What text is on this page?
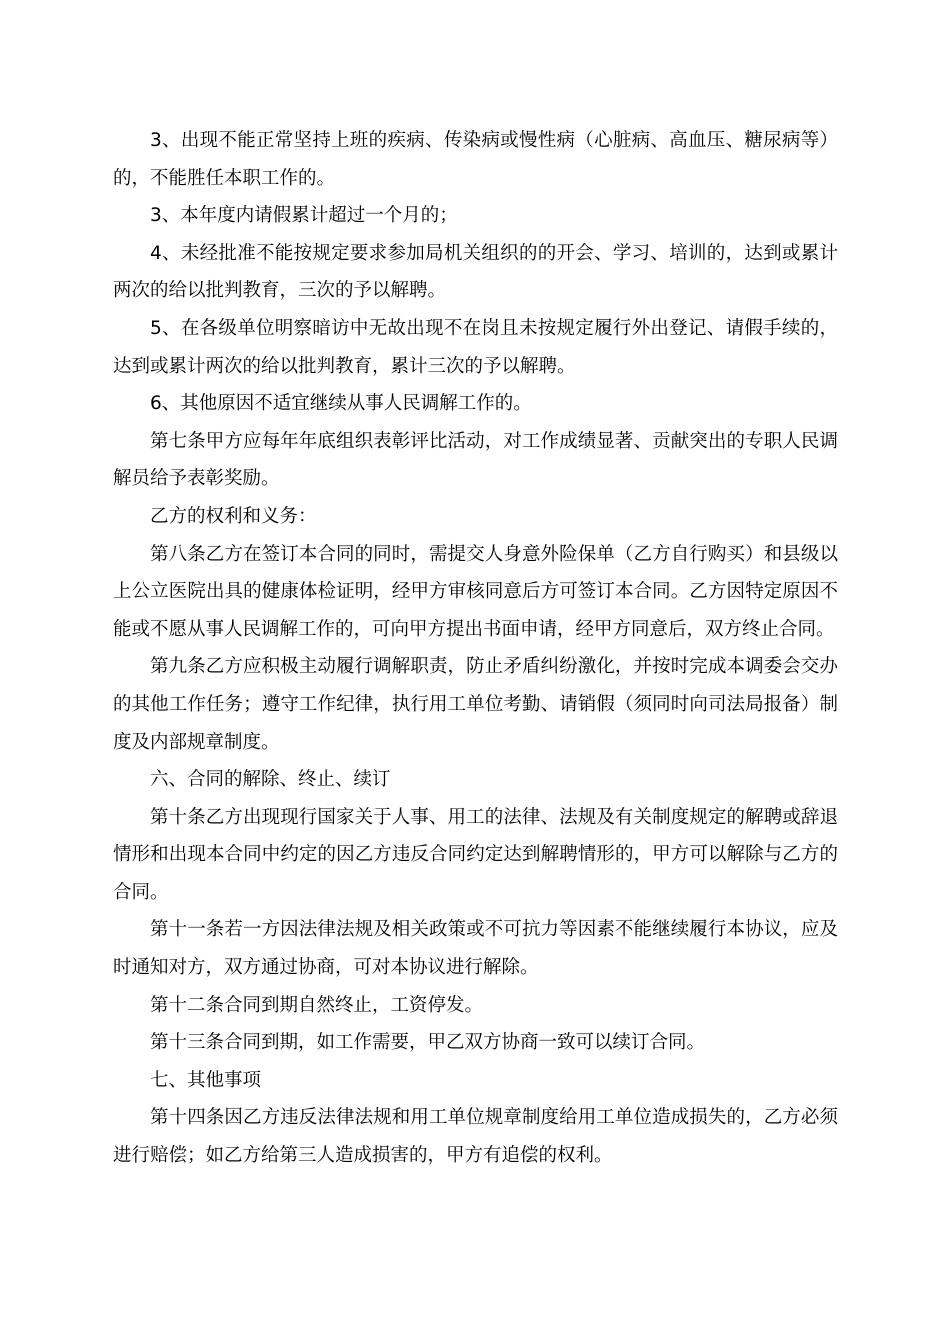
3、出现不能正常坚持上班的疾病、传染病或慢性病（心脏病、高血压、糖尿病等）的，不能胜任本职工作的。

3、本年度内请假累计超过一个月的；

4、未经批准不能按规定要求参加局机关组织的的开会、学习、培训的，达到或累计两次的给以批判教育，三次的予以解聘。

5、在各级单位明察暗访中无故出现不在岗且未按规定履行外出登记、请假手续的，达到或累计两次的给以批判教育，累计三次的予以解聘。

6、其他原因不适宜继续从事人民调解工作的。

第七条甲方应每年年底组织表彰评比活动，对工作成绩显著、贡献突出的专职人民调解员给予表彰奖励。

乙方的权利和义务：

第八条乙方在签订本合同的同时，需提交人身意外险保单（乙方自行购买）和县级以上公立医院出具的健康体检证明，经甲方审核同意后方可签订本合同。乙方因特定原因不能或不愿从事人民调解工作的，可向甲方提出书面申请，经甲方同意后，双方终止合同。

第九条乙方应积极主动履行调解职责，防止矛盾纠纷激化，并按时完成本调委会交办的其他工作任务；遵守工作纪律，执行用工单位考勤、请销假（须同时向司法局报备）制度及内部规章制度。

六、合同的解除、终止、续订

第十条乙方出现现行国家关于人事、用工的法律、法规及有关制度规定的解聘或辞退情形和出现本合同中约定的因乙方违反合同约定达到解聘情形的，甲方可以解除与乙方的合同。

第十一条若一方因法律法规及相关政策或不可抗力等因素不能继续履行本协议，应及时通知对方，双方通过协商，可对本协议进行解除。

第十二条合同到期自然终止，工资停发。

第十三条合同到期，如工作需要，甲乙双方协商一致可以续订合同。

七、其他事项

第十四条因乙方违反法律法规和用工单位规章制度给用工单位造成损失的，乙方必须进行赔偿；如乙方给第三人造成损害的，甲方有追偿的权利。
